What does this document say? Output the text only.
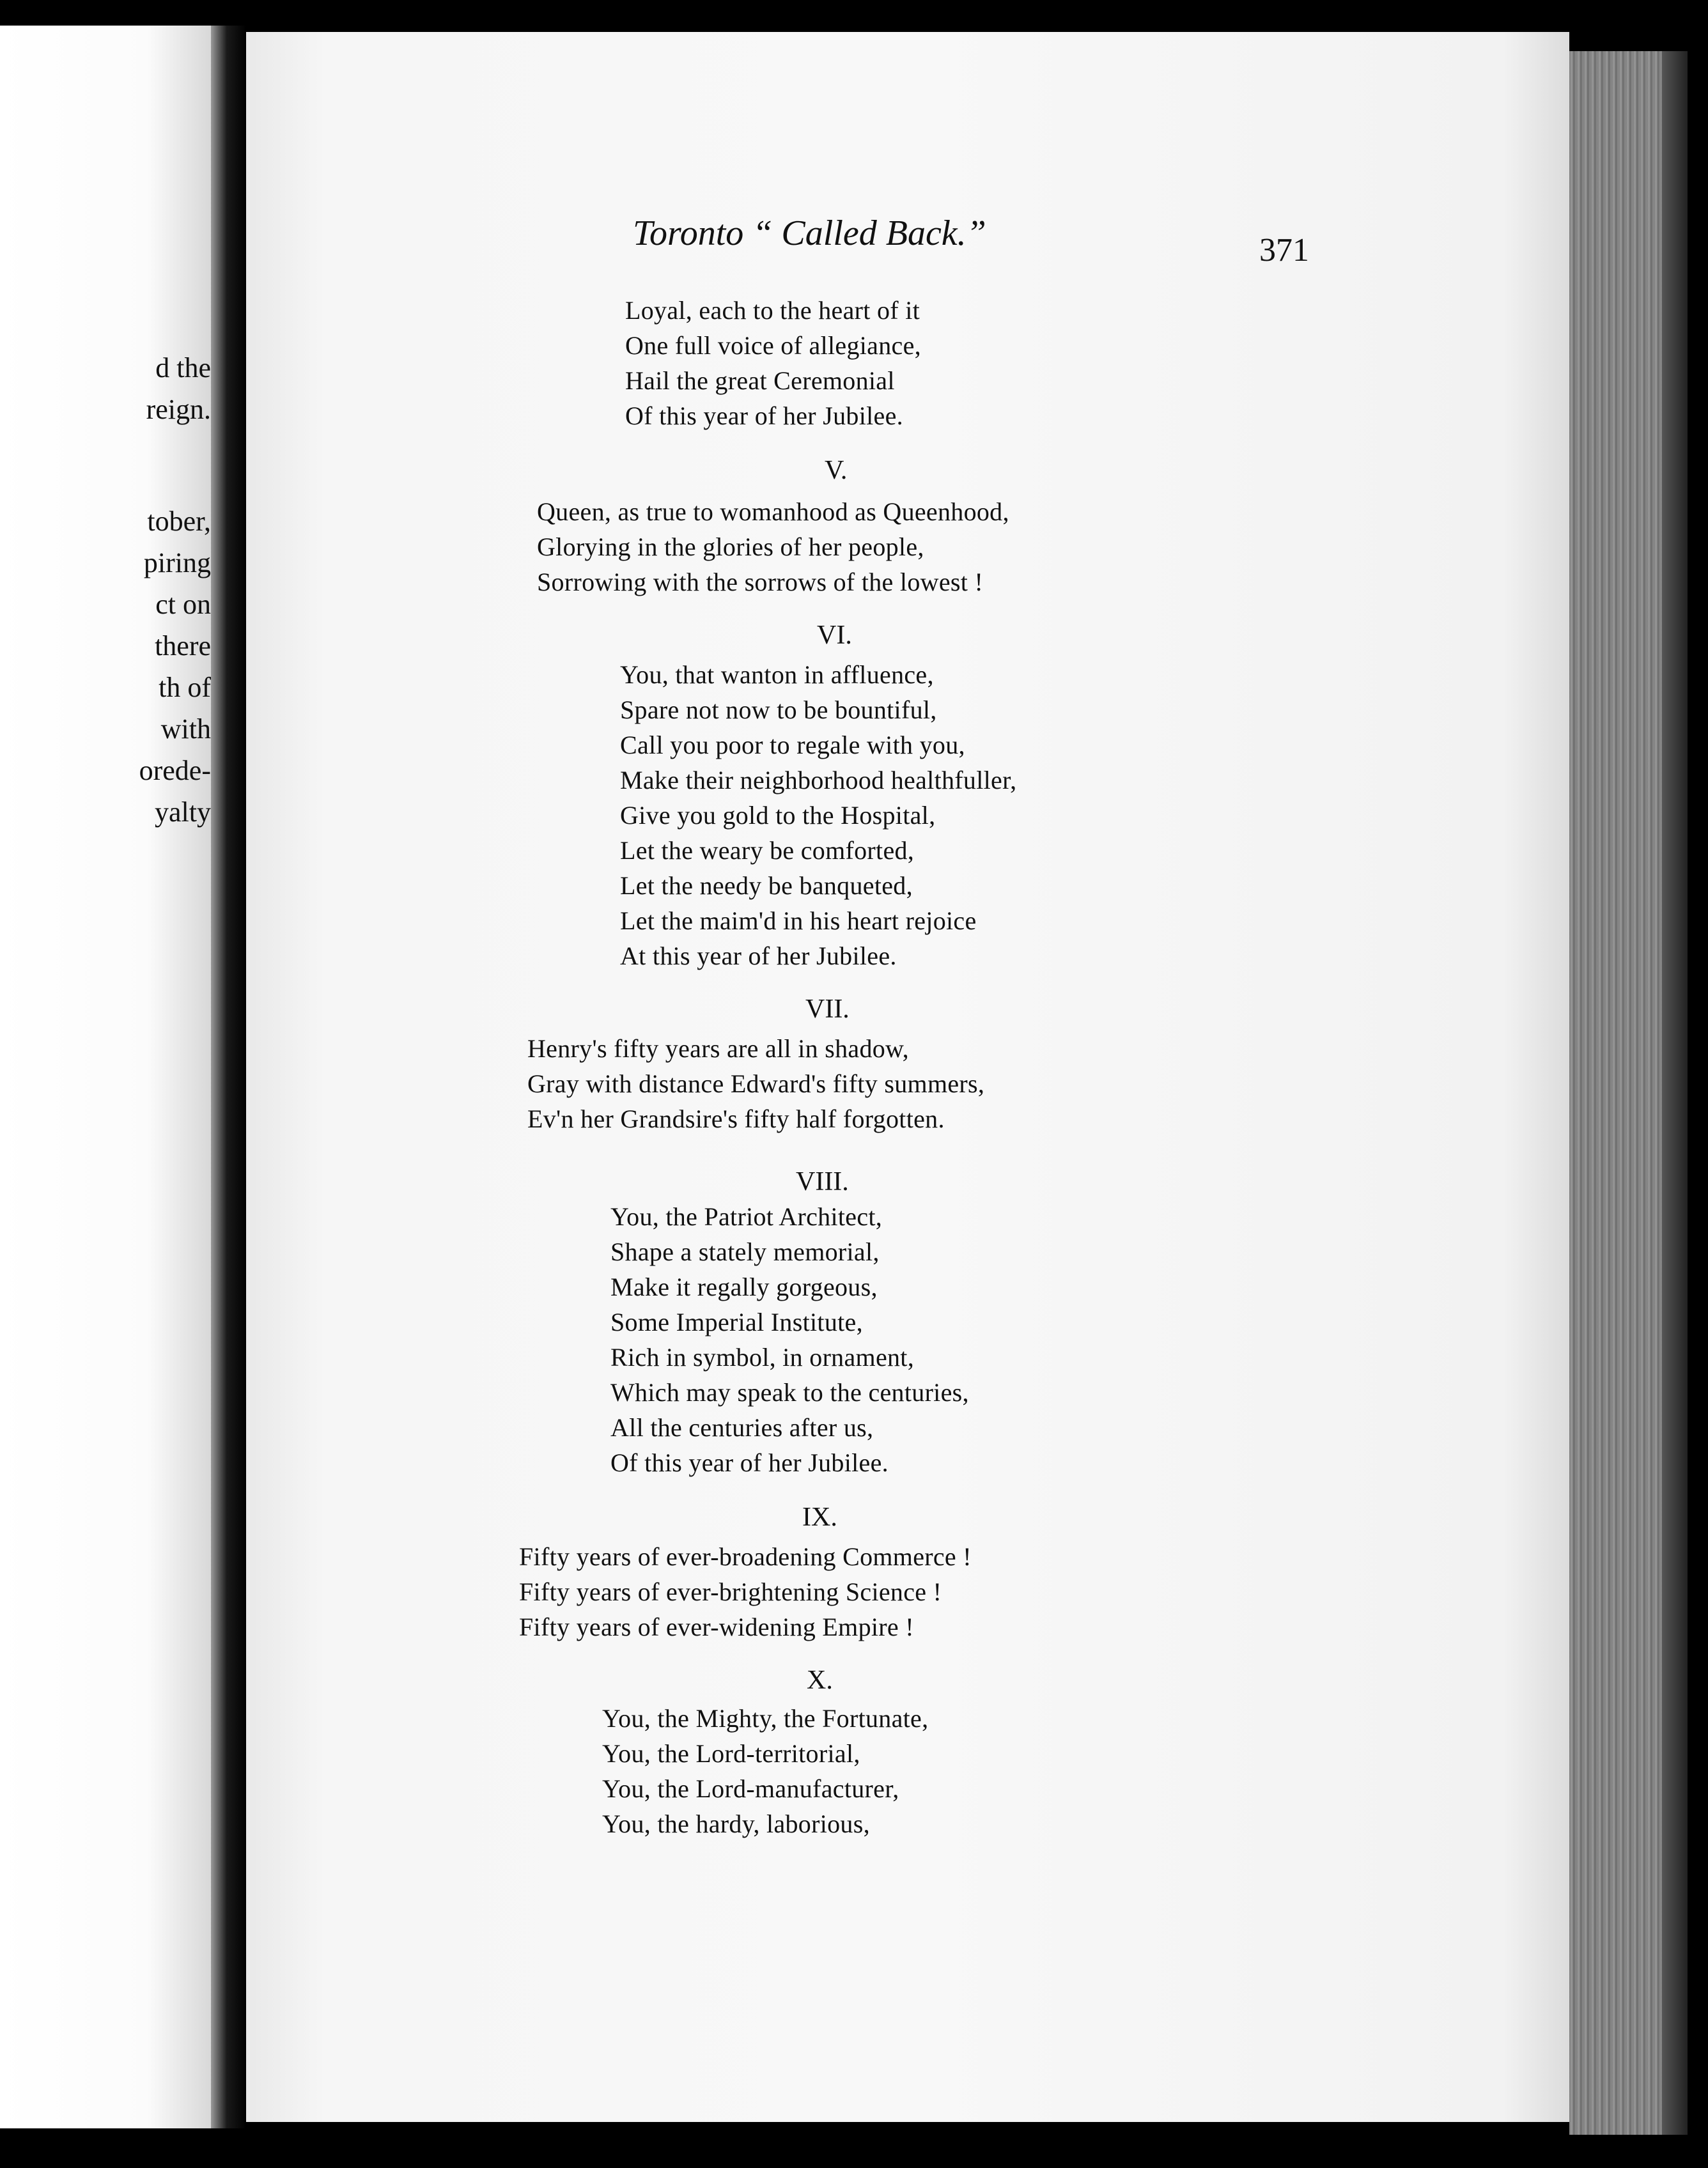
d the
reign.
tober,
piring
ct on
there
th of
with
orede-
yalty
Toronto “ Called Back.”	371
Loyal, each to the heart of it
One full voice of allegiance,
Hail the great Ceremonial
Of this year of her Jubilee.
V.
Queen, as true to womanhood as Queenhood,
Glorying in the glories of her people,
Sorrowing with the sorrows of the lowest !
VI.
You, that wanton in affluence,
Spare not now to be bountiful,
Call you poor to regale with you,
Make their neighborhood healthfuller,
Give you gold to the Hospital,
Let the weary be comforted,
Let the needy be banqueted,
Let the maim'd in his heart rejoice
At this year of her Jubilee.
VII.
Henry's fifty years are all in shadow,
Gray with distance Edward's fifty summers,
Ev'n her Grandsire's fifty half forgotten.
VIII.
You, the Patriot Architect,
Shape a stately memorial,
Make it regally gorgeous,
Some Imperial Institute,
Rich in symbol, in ornament,
Which may speak to the centuries,
All the centuries after us,
Of this year of her Jubilee.
IX.
Fifty years of ever-broadening Commerce !
Fifty years of ever-brightening Science !
Fifty years of ever-widening Empire !
X.
You, the Mighty, the Fortunate,
You, the Lord-territorial,
You, the Lord-manufacturer,
You, the hardy, laborious,
